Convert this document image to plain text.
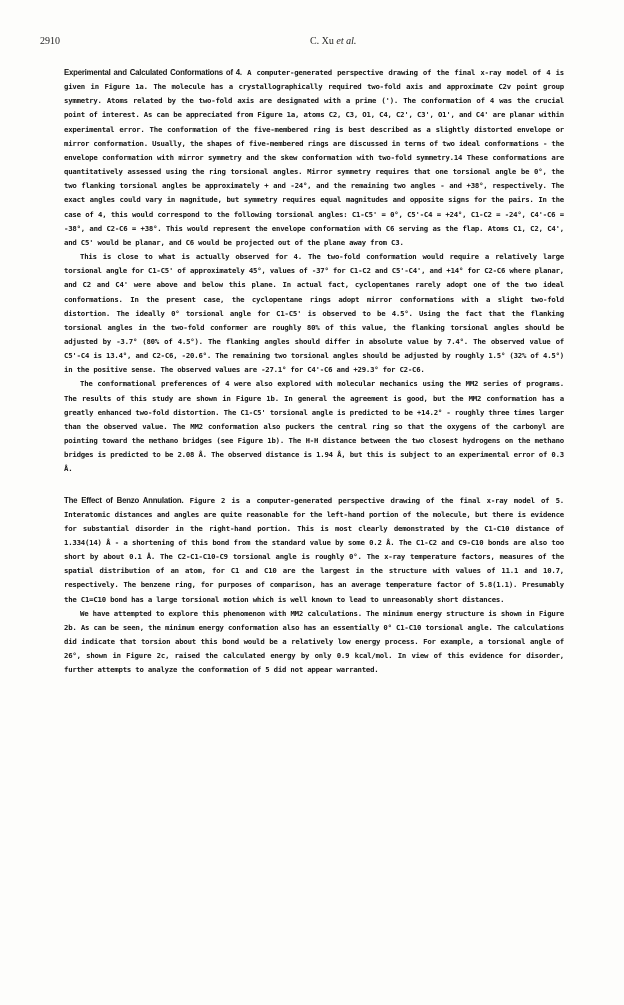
2910	C. Xu et al.

Experimental and Calculated Conformations of 4. A computer-generated perspective drawing of the final x-ray model of 4 is given in Figure 1a. The molecule has a crystallographically required two-fold axis and approximate C2v point group symmetry. Atoms related by the two-fold axis are designated with a prime ('). The conformation of 4 was the crucial point of interest. As can be appreciated from Figure 1a, atoms C2, C3, O1, C4, C2', C3', O1', and C4' are planar within experimental error. The conformation of the five-membered ring is best described as a slightly distorted envelope or mirror conformation. Usually, the shapes of five-membered rings are discussed in terms of two ideal conformations - the envelope conformation with mirror symmetry and the skew conformation with two-fold symmetry.14 These conformations are quantitatively assessed using the ring torsional angles. Mirror symmetry requires that one torsional angle be 0°, the two flanking torsional angles be approximately + and -24°, and the remaining two angles - and +38°, respectively. The exact angles could vary in magnitude, but symmetry requires equal magnitudes and opposite signs for the pairs. In the case of 4, this would correspond to the following torsional angles: C1-C5' = 0°, C5'-C4 = +24°, C1-C2 = -24°, C4'-C6 = -38°, and C2-C6 = +38°. This would represent the envelope conformation with C6 serving as the flap. Atoms C1, C2, C4', and C5' would be planar, and C6 would be projected out of the plane away from C3.

This is close to what is actually observed for 4. The two-fold conformation would require a relatively large torsional angle for C1-C5' of approximately 45°, values of -37° for C1-C2 and C5'-C4', and +14° for C2-C6 where planar, and C2 and C4' were above and below this plane. In actual fact, cyclopentanes rarely adopt one of the two ideal conformations. In the present case, the cyclopentane rings adopt mirror conformations with a slight two-fold distortion. The ideally 0° torsional angle for C1-C5' is observed to be 4.5°. Using the fact that the flanking torsional angles in the two-fold conformer are roughly 80% of this value, the flanking torsional angles should be adjusted by -3.7° (80% of 4.5°). The flanking angles should differ in absolute value by 7.4°. The observed value of C5'-C4 is 13.4°, and C2-C6, -20.6°. The remaining two torsional angles should be adjusted by roughly 1.5° (32% of 4.5°) in the positive sense. The observed values are -27.1° for C4'-C6 and +29.3° for C2-C6.

The conformational preferences of 4 were also explored with molecular mechanics using the MM2 series of programs. The results of this study are shown in Figure 1b. In general the agreement is good, but the MM2 conformation has a greatly enhanced two-fold distortion. The C1-C5' torsional angle is predicted to be +14.2° - roughly three times larger than the observed value. The MM2 conformation also puckers the central ring so that the oxygens of the carbonyl are pointing toward the methano bridges (see Figure 1b). The H-H distance between the two closest hydrogens on the methano bridges is predicted to be 2.08 Å. The observed distance is 1.94 Å, but this is subject to an experimental error of 0.3 Å.

The Effect of Benzo Annulation. Figure 2 is a computer-generated perspective drawing of the final x-ray model of 5. Interatomic distances and angles are quite reasonable for the left-hand portion of the molecule, but there is evidence for substantial disorder in the right-hand portion. This is most clearly demonstrated by the C1-C10 distance of 1.334(14) Å - a shortening of this bond from the standard value by some 0.2 Å. The C1-C2 and C9-C10 bonds are also too short by about 0.1 Å. The C2-C1-C10-C9 torsional angle is roughly 0°. The x-ray temperature factors, measures of the spatial distribution of an atom, for C1 and C10 are the largest in the structure with values of 11.1 and 10.7, respectively. The benzene ring, for purposes of comparison, has an average temperature factor of 5.8(1.1). Presumably the C1=C10 bond has a large torsional motion which is well known to lead to unreasonably short distances.

We have attempted to explore this phenomenon with MM2 calculations. The minimum energy structure is shown in Figure 2b. As can be seen, the minimum energy conformation also has an essentially 0° C1-C10 torsional angle. The calculations did indicate that torsion about this bond would be a relatively low energy process. For example, a torsional angle of 26°, shown in Figure 2c, raised the calculated energy by only 0.9 kcal/mol. In view of this evidence for disorder, further attempts to analyze the conformation of 5 did not appear warranted.
